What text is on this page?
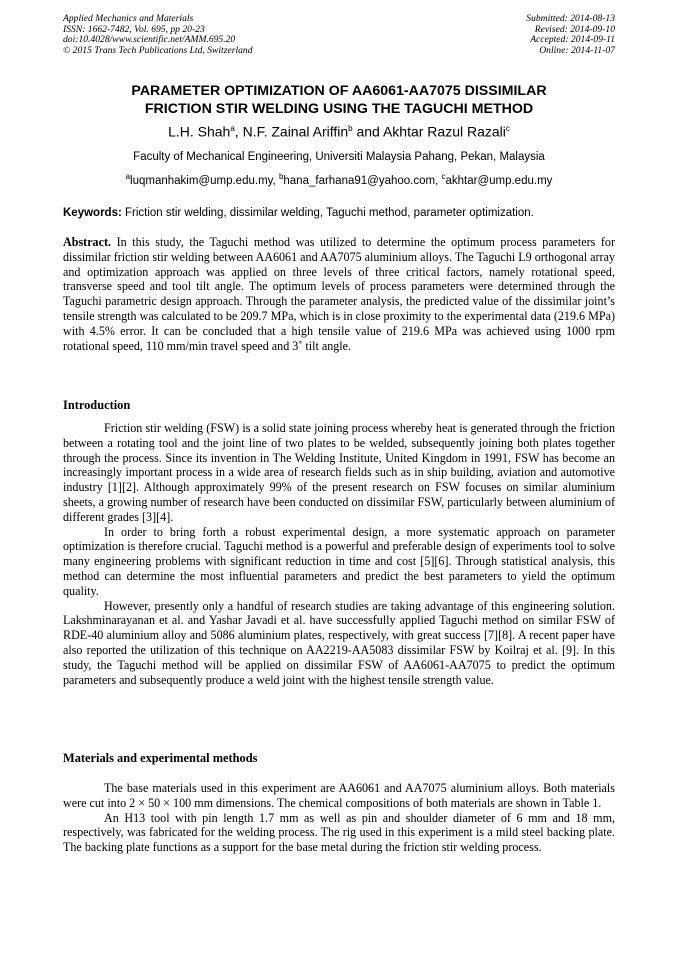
Applied Mechanics and Materials
ISSN: 1662-7482, Vol. 695, pp 20-23
doi:10.4028/www.scientific.net/AMM.695.20
© 2015 Trans Tech Publications Ltd, Switzerland
Submitted: 2014-08-13
Revised: 2014-09-10
Accepted: 2014-09-11
Online: 2014-11-07
PARAMETER OPTIMIZATION OF AA6061-AA7075 DISSIMILAR
FRICTION STIR WELDING USING THE TAGUCHI METHOD
L.H. Shah$^a$, N.F. Zainal Ariffin$^b$ and Akhtar Razul Razali$^c$
Faculty of Mechanical Engineering, Universiti Malaysia Pahang, Pekan, Malaysia
$^a$luqmanhakim@ump.edu.my, $^b$hana_farhana91@yahoo.com, $^c$akhtar@ump.edu.my
Keywords: Friction stir welding, dissimilar welding, Taguchi method, parameter optimization.

Abstract. In this study, the Taguchi method was utilized to determine the optimum process parameters for dissimilar friction stir welding between AA6061 and AA7075 aluminium alloys. The Taguchi L9 orthogonal array and optimization approach was applied on three levels of three critical factors, namely rotational speed, transverse speed and tool tilt angle. The optimum levels of process parameters were determined through the Taguchi parametric design approach. Through the parameter analysis, the predicted value of the dissimilar joint’s tensile strength was calculated to be 209.7 MPa, which is in close proximity to the experimental data (219.6 MPa) with 4.5% error. It can be concluded that a high tensile value of 219.6 MPa was achieved using 1000 rpm rotational speed, 110 mm/min travel speed and 3˚ tilt angle.

Introduction

Friction stir welding (FSW) is a solid state joining process whereby heat is generated through the friction between a rotating tool and the joint line of two plates to be welded, subsequently joining both plates together through the process. Since its invention in The Welding Institute, United Kingdom in 1991, FSW has become an increasingly important process in a wide area of research fields such as in ship building, aviation and automotive industry [1][2]. Although approximately 99% of the present research on FSW focuses on similar aluminium sheets, a growing number of research have been conducted on dissimilar FSW, particularly between aluminium of different grades [3][4].

In order to bring forth a robust experimental design, a more systematic approach on parameter optimization is therefore crucial. Taguchi method is a powerful and preferable design of experiments tool to solve many engineering problems with significant reduction in time and cost [5][6]. Through statistical analysis, this method can determine the most influential parameters and predict the best parameters to yield the optimum quality.

However, presently only a handful of research studies are taking advantage of this engineering solution. Lakshminarayanan et al. and Yashar Javadi et al. have successfully applied Taguchi method on similar FSW of RDE-40 aluminium alloy and 5086 aluminium plates, respectively, with great success [7][8]. A recent paper have also reported the utilization of this technique on AA2219-AA5083 dissimilar FSW by Koilraj et al. [9]. In this study, the Taguchi method will be applied on dissimilar FSW of AA6061-AA7075 to predict the optimum parameters and subsequently produce a weld joint with the highest tensile strength value.

Materials and experimental methods

The base materials used in this experiment are AA6061 and AA7075 aluminium alloys. Both materials were cut into 2 × 50 × 100 mm dimensions. The chemical compositions of both materials are shown in Table 1.

An H13 tool with pin length 1.7 mm as well as pin and shoulder diameter of 6 mm and 18 mm, respectively, was fabricated for the welding process. The rig used in this experiment is a mild steel backing plate. The backing plate functions as a support for the base metal during the friction stir welding process.
